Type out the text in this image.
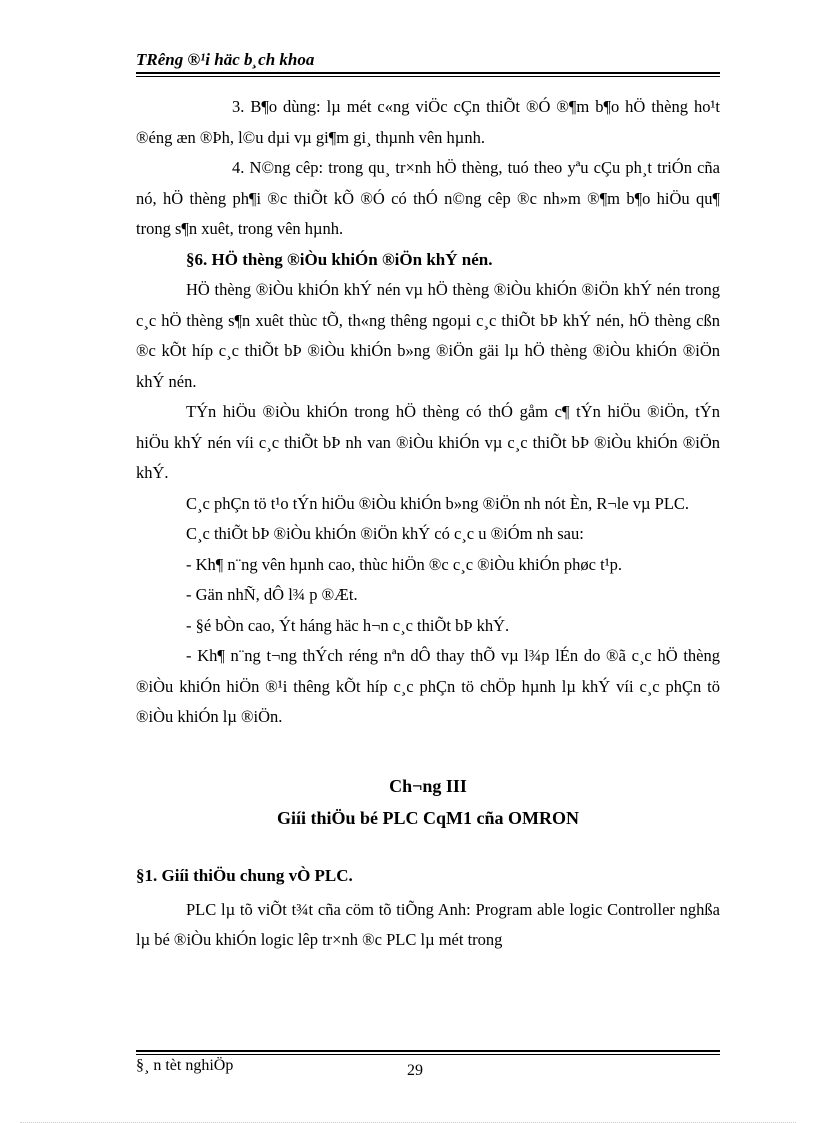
TRêng ®¹i häc b¸ch khoa

3. B¶o dùng: lµ mét c«ng viÖc cÇn thiÕt ®Ó ®¶m b¶o hÖ thèng ho¹t ®éng æn ®Þh, l©u dµi vµ gi¶m gi¸ thµnh vên hµnh.

4. N©ng cêp: trong qu¸ tr×nh hÖ thèng, tuó theo yªu cÇu ph¸t triÓn cña nó, hÖ thèng ph¶i ®c thiÕt kÕ ®Ó có thÓ n©ng cêp ®c nh»m ®¶m b¶o hiÖu qu¶ trong s¶n xuêt, trong vên hµnh.

§6. HÖ thèng ®iÒu khiÓn ®iÖn khÝ nén.

HÖ thèng ®iÒu khiÓn khÝ nén vµ hÖ thèng ®iÒu khiÓn ®iÖn khÝ nén trong c¸c hÖ thèng s¶n xuêt thùc tÕ, th«ng thêng ngoµi c¸c thiÕt bÞ khÝ nén, hÖ thèng cßn ®c kÕt híp c¸c thiÕt bÞ ®iÒu khiÓn b»ng ®iÖn gäi lµ hÖ thèng ®iÒu khiÓn ®iÖn khÝ nén.

TÝn hiÖu ®iÒu khiÓn trong hÖ thèng có thÓ gåm c¶ tÝn hiÖu ®iÖn, tÝn hiÖu khÝ nén víi c¸c thiÕt bÞ nh van ®iÒu khiÓn vµ c¸c thiÕt bÞ ®iÒu khiÓn ®iÖn khÝ.

C¸c phÇn tö t¹o tÝn hiÖu ®iÒu khiÓn b»ng ®iÖn nh nót Èn, R¬le vµ PLC.

C¸c thiÕt bÞ ®iÒu khiÓn ®iÖn khÝ có c¸c u ®iÓm nh sau:

- Kh¶ n¨ng vên hµnh cao, thùc hiÖn ®c c¸c ®iÒu khiÓn phøc t¹p.

- Gän nhÑ, dÔ l¾ p ®Æt.

- §é bÒn cao, Ýt háng häc h¬n c¸c thiÕt bÞ khÝ.

- Kh¶ n¨ng t¬ng thÝch réng nªn dÔ thay thÕ vµ l¾p lÉn do ®ã c¸c hÖ thèng ®iÒu khiÓn hiÖn ®¹i thêng kÕt híp c¸c phÇn tö chÖp hµnh lµ khÝ víi c¸c phÇn tö ®iÒu khiÓn lµ ®iÖn.

Ch¬ng III

Giíi thiÖu bé PLC CqM1 cña OMRON

§1. Giíi thiÖu chung vÒ PLC.

PLC lµ tõ viÕt t¾t cña cöm tõ tiÕng Anh: Program able logic Controller nghßa lµ bé ®iÒu khiÓn logic lêp tr×nh ®c PLC lµ mét trong

§¸ n tèt nghiÖp	29
